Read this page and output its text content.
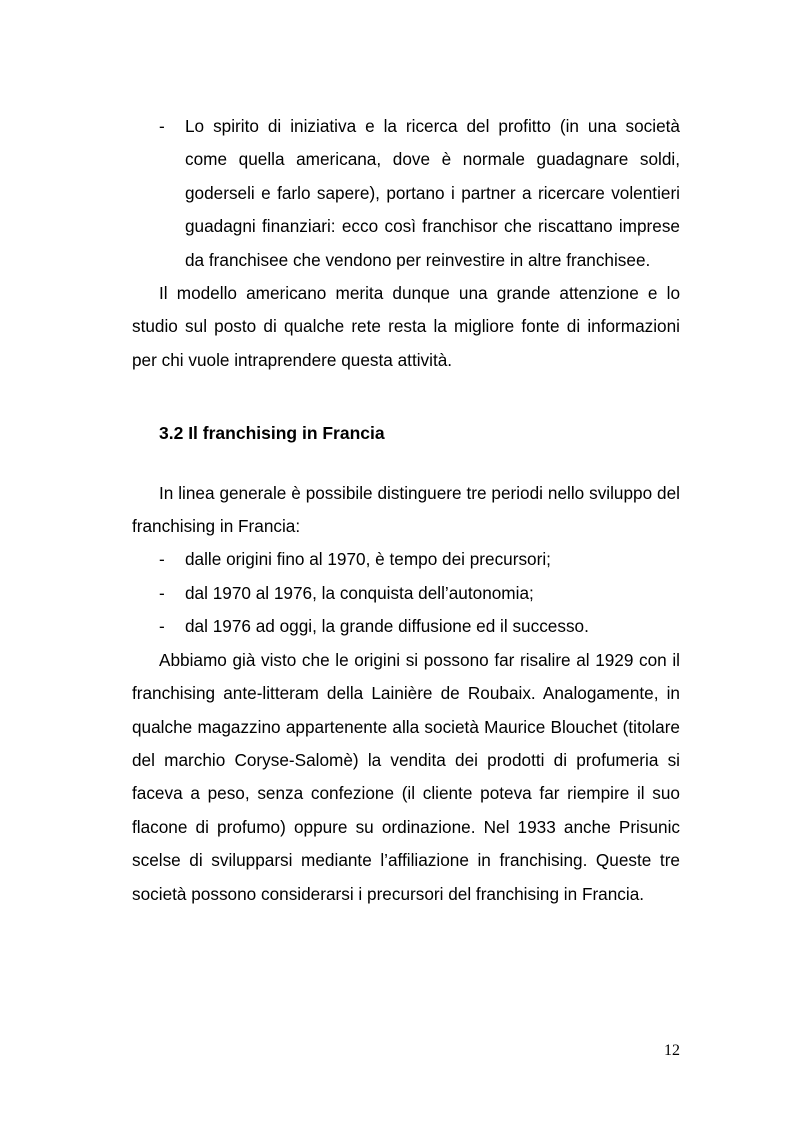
- Lo spirito di iniziativa e la ricerca del profitto (in una società come quella americana, dove è normale guadagnare soldi, goderseli e farlo sapere), portano i partner a ricercare volentieri guadagni finanziari: ecco così franchisor che riscattano imprese da franchisee che vendono per reinvestire in altre franchisee.

Il modello americano merita dunque una grande attenzione e lo studio sul posto di qualche rete resta la migliore fonte di informazioni per chi vuole intraprendere questa attività.

3.2 Il franchising in Francia

In linea generale è possibile distinguere tre periodi nello sviluppo del franchising in Francia:

- dalle origini fino al 1970, è tempo dei precursori;

- dal 1970 al 1976, la conquista dell’autonomia;

- dal 1976 ad oggi, la grande diffusione ed il successo.

Abbiamo già visto che le origini si possono far risalire al 1929 con il franchising ante-litteram della Lainière de Roubaix. Analogamente, in qualche magazzino appartenente alla società Maurice Blouchet (titolare del marchio Coryse-Salomè) la vendita dei prodotti di profumeria si faceva a peso, senza confezione (il cliente poteva far riempire il suo flacone di profumo) oppure su ordinazione. Nel 1933 anche Prisunic scelse di svilupparsi mediante l’affiliazione in franchising. Queste tre società possono considerarsi i precursori del franchising in Francia.

12
